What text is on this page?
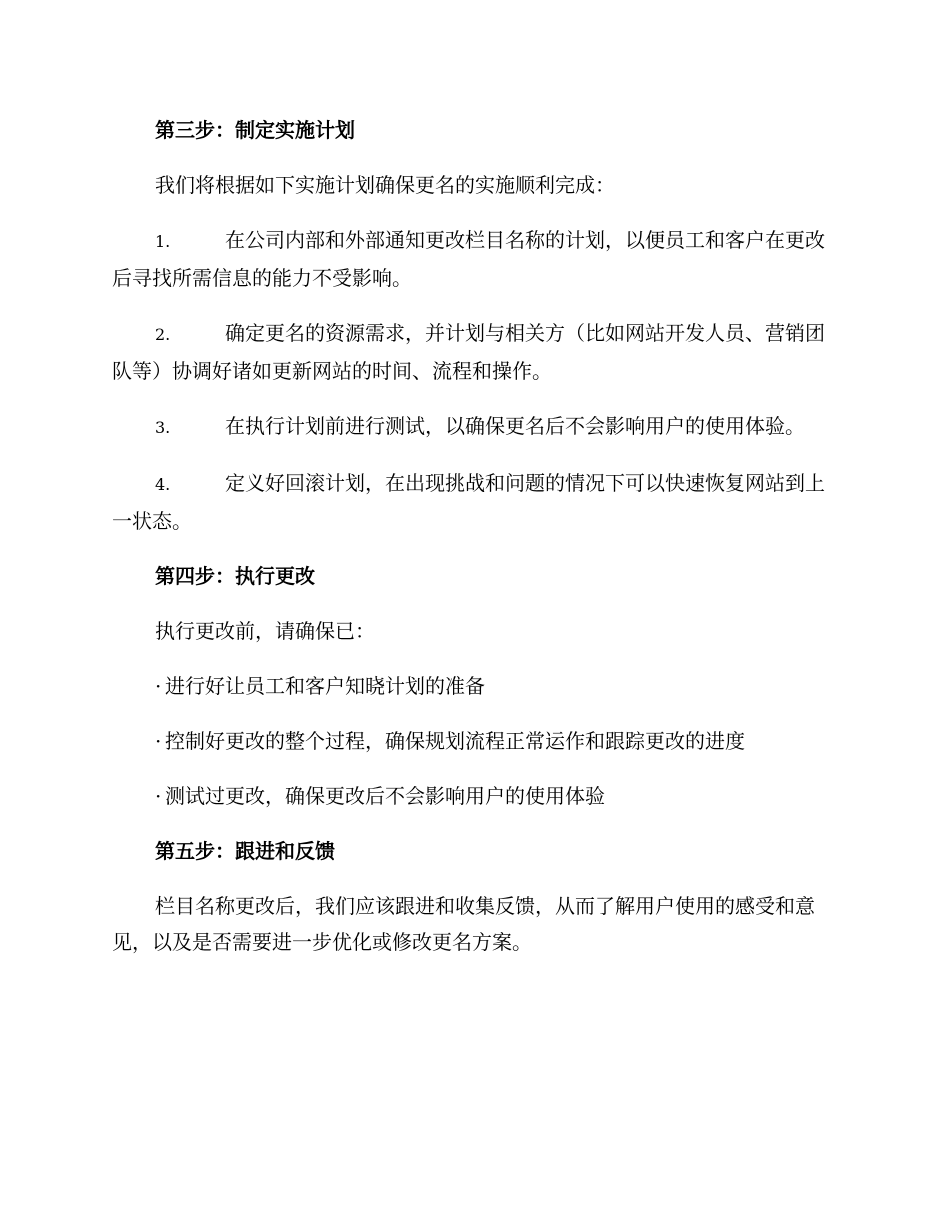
第三步：制定实施计划

我们将根据如下实施计划确保更名的实施顺利完成：

1.	在公司内部和外部通知更改栏目名称的计划，以便员工和客户在更改后寻找所需信息的能力不受影响。

2.	确定更名的资源需求，并计划与相关方（比如网站开发人员、营销团队等）协调好诸如更新网站的时间、流程和操作。

3.	在执行计划前进行测试，以确保更名后不会影响用户的使用体验。

4.	定义好回滚计划，在出现挑战和问题的情况下可以快速恢复网站到上一状态。

第四步：执行更改

执行更改前，请确保已：

· 进行好让员工和客户知晓计划的准备

· 控制好更改的整个过程，确保规划流程正常运作和跟踪更改的进度

· 测试过更改，确保更改后不会影响用户的使用体验

第五步：跟进和反馈

栏目名称更改后，我们应该跟进和收集反馈，从而了解用户使用的感受和意见，以及是否需要进一步优化或修改更名方案。
